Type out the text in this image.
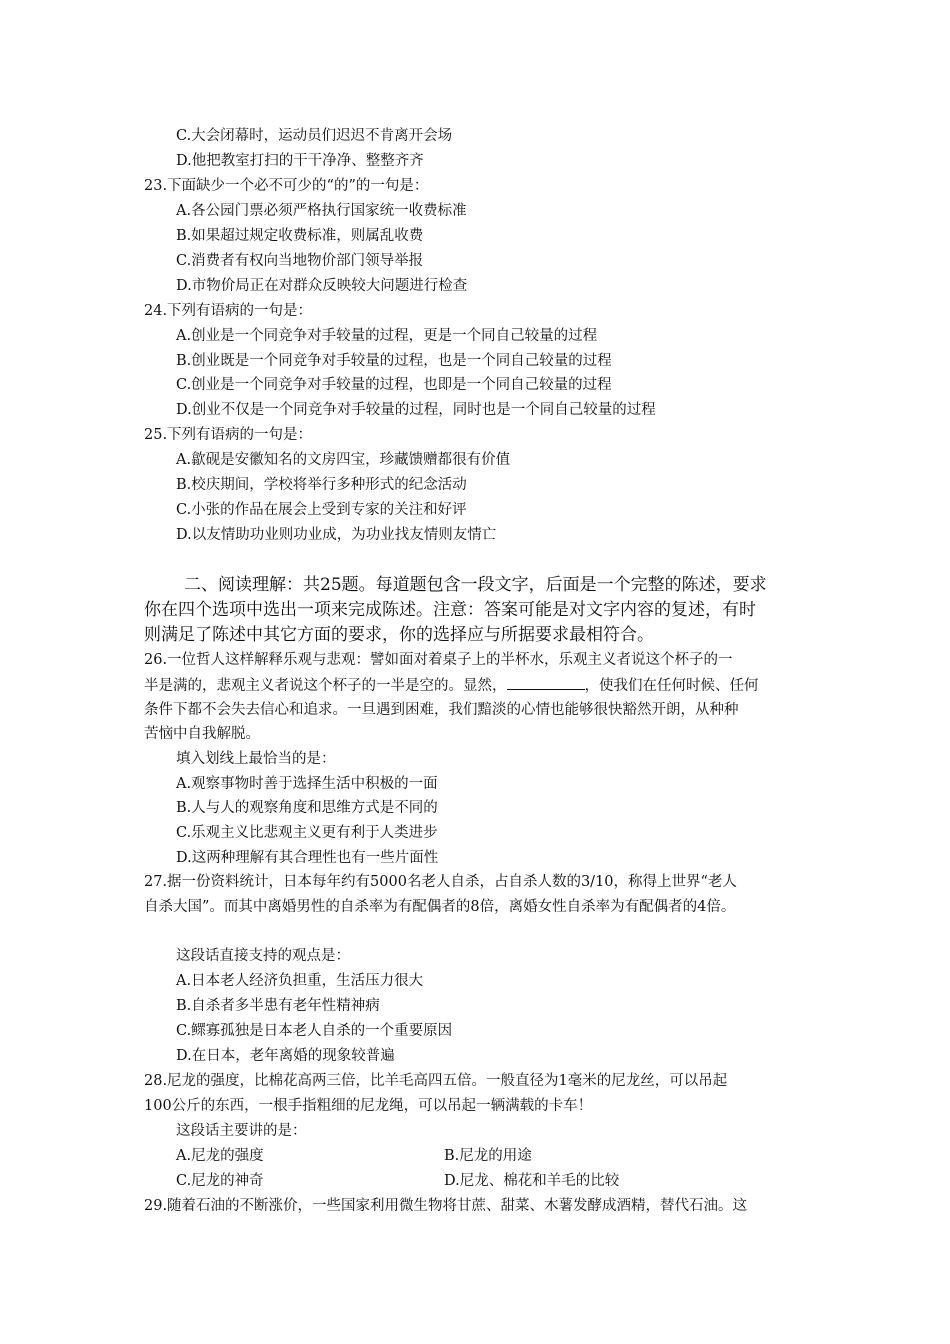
C.大会闭幕时，运动员们迟迟不肯离开会场
D.他把教室打扫的干干净净、整整齐齐
23.下面缺少一个必不可少的“的”的一句是：
A.各公园门票必须严格执行国家统一收费标准
B.如果超过规定收费标准，则属乱收费
C.消费者有权向当地物价部门领导举报
D.市物价局正在对群众反映较大问题进行检查
24.下列有语病的一句是：
A.创业是一个同竞争对手较量的过程，更是一个同自己较量的过程
B.创业既是一个同竞争对手较量的过程，也是一个同自己较量的过程
C.创业是一个同竞争对手较量的过程，也即是一个同自己较量的过程
D.创业不仅是一个同竞争对手较量的过程，同时也是一个同自己较量的过程
25.下列有语病的一句是：
A.歙砚是安徽知名的文房四宝，珍藏馈赠都很有价值
B.校庆期间，学校将举行多种形式的纪念活动
C.小张的作品在展会上受到专家的关注和好评
D.以友情助功业则功业成，为功业找友情则友情亡
二、阅读理解：共25题。每道题包含一段文字，后面是一个完整的陈述，要求
你在四个选项中选出一项来完成陈述。注意：答案可能是对文字内容的复述，有时
则满足了陈述中其它方面的要求，你的选择应与所据要求最相符合。
26.一位哲人这样解释乐观与悲观：譬如面对着桌子上的半杯水，乐观主义者说这个杯子的一
半是满的，悲观主义者说这个杯子的一半是空的。显然，	，使我们在任何时候、任何
条件下都不会失去信心和追求。一旦遇到困难，我们黯淡的心情也能够很快豁然开朗，从种种
苦恼中自我解脱。
填入划线上最恰当的是：
A.观察事物时善于选择生活中积极的一面
B.人与人的观察角度和思维方式是不同的
C.乐观主义比悲观主义更有利于人类进步
D.这两种理解有其合理性也有一些片面性
27.据一份资料统计，日本每年约有5000名老人自杀，占自杀人数的3/10，称得上世界“老人
自杀大国”。而其中离婚男性的自杀率为有配偶者的8倍，离婚女性自杀率为有配偶者的4倍。
这段话直接支持的观点是：
A.日本老人经济负担重，生活压力很大
B.自杀者多半患有老年性精神病
C.鳏寡孤独是日本老人自杀的一个重要原因
D.在日本，老年离婚的现象较普遍
28.尼龙的强度，比棉花高两三倍，比羊毛高四五倍。一般直径为1毫米的尼龙丝，可以吊起
100公斤的东西，一根手指粗细的尼龙绳，可以吊起一辆满载的卡车！
这段话主要讲的是：
A.尼龙的强度	B.尼龙的用途
C.尼龙的神奇	D.尼龙、棉花和羊毛的比较
29.随着石油的不断涨价，一些国家利用微生物将甘蔗、甜菜、木薯发酵成酒精，替代石油。这
